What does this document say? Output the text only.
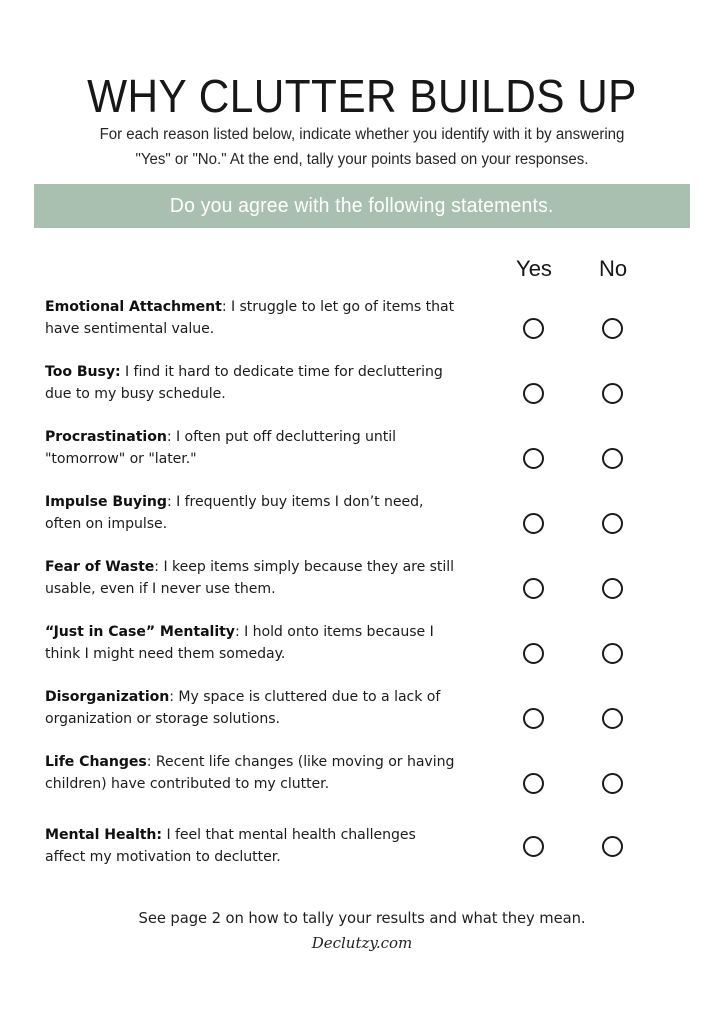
WHY CLUTTER BUILDS UP

For each reason listed below, indicate whether you identify with it by answering "Yes" or "No." At the end, tally your points based on your responses.

Do you agree with the following statements.
Yes	No
Emotional Attachment: I struggle to let go of items that have sentimental value.
Too Busy: I find it hard to dedicate time for decluttering due to my busy schedule.
Procrastination: I often put off decluttering until "tomorrow" or "later."
Impulse Buying: I frequently buy items I don’t need, often on impulse.
Fear of Waste: I keep items simply because they are still usable, even if I never use them.
“Just in Case” Mentality: I hold onto items because I think I might need them someday.
Disorganization: My space is cluttered due to a lack of organization or storage solutions.
Life Changes: Recent life changes (like moving or having children) have contributed to my clutter.
Mental Health: I feel that mental health challenges affect my motivation to declutter.
See page 2 on how to tally your results and what they mean.
Declutzy.com
